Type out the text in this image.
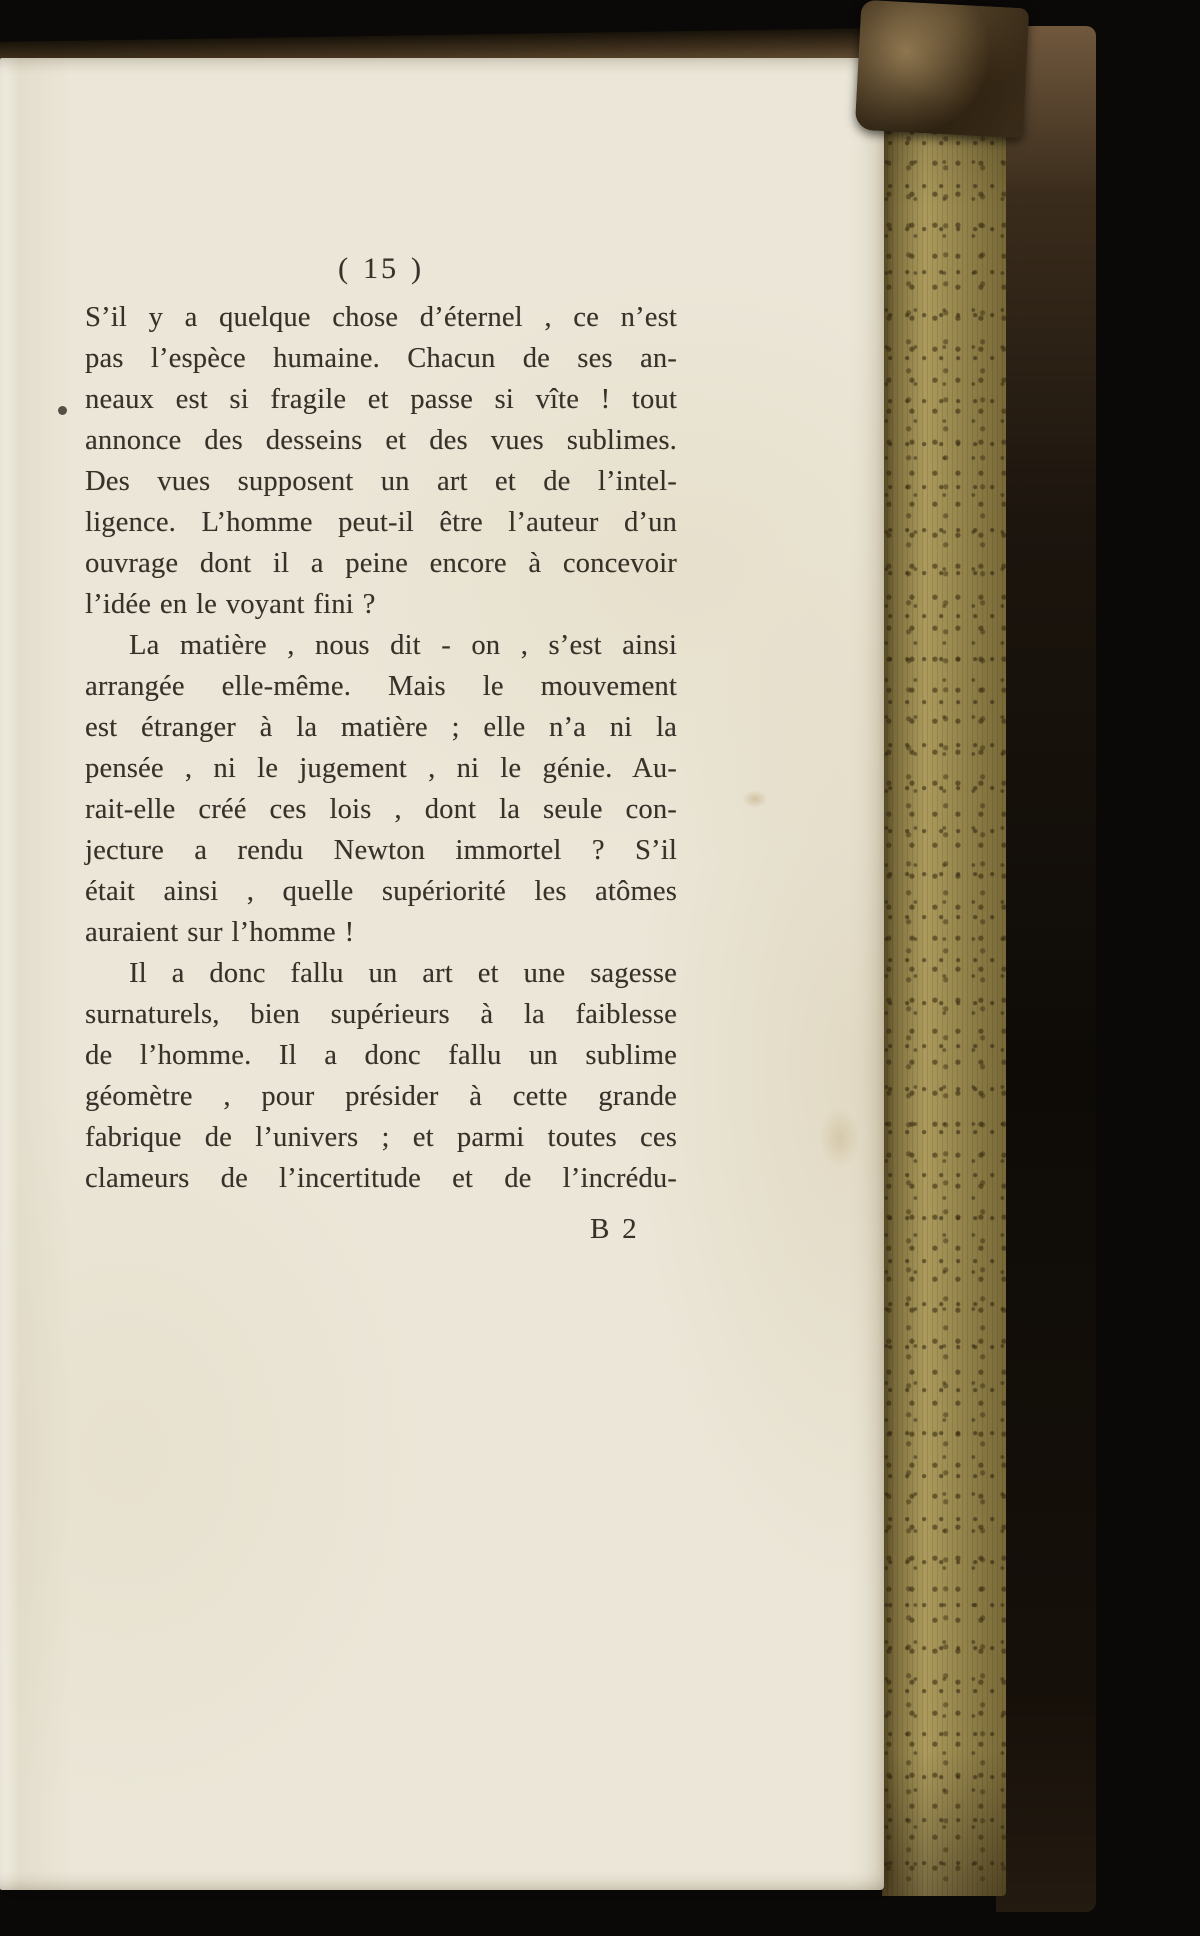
( 15 )
S’il y a quelque chose d’éternel , ce n’est
pas l’espèce humaine. Chacun de ses an-
neaux est si fragile et passe si vîte ! tout
annonce des desseins et des vues sublimes.
Des vues supposent un art et de l’intel-
ligence. L’homme peut-il être l’auteur d’un
ouvrage dont il a peine encore à concevoir
l’idée en le voyant fini ?
La matière , nous dit - on , s’est ainsi
arrangée elle-même. Mais le mouvement
est étranger à la matière ; elle n’a ni la
pensée , ni le jugement , ni le génie. Au-
rait-elle créé ces lois , dont la seule con-
jecture a rendu Newton immortel ? S’il
était ainsi , quelle supériorité les atômes
auraient sur l’homme !
Il a donc fallu un art et une sagesse
surnaturels, bien supérieurs à la faiblesse
de l’homme. Il a donc fallu un sublime
géomètre , pour présider à cette grande
fabrique de l’univers ; et parmi toutes ces
clameurs de l’incertitude et de l’incrédu-
B 2
